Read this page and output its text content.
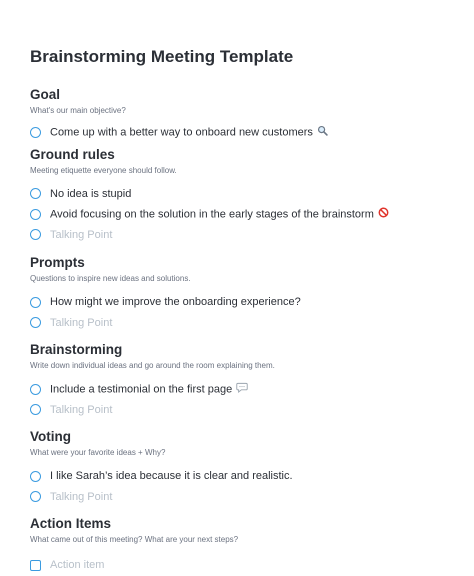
Brainstorming Meeting Template
Goal

What's our main objective?

Come up with a better way to onboard new customers
Ground rules

Meeting etiquette everyone should follow.

No idea is stupid
Avoid focusing on the solution in the early stages of the brainstorm
Talking Point
Prompts

Questions to inspire new ideas and solutions.

How might we improve the onboarding experience?
Talking Point
Brainstorming

Write down individual ideas and go around the room explaining them.

Include a testimonial on the first page
Talking Point
Voting

What were your favorite ideas + Why?

I like Sarah’s idea because it is clear and realistic.
Talking Point
Action Items

What came out of this meeting? What are your next steps?

Action item
